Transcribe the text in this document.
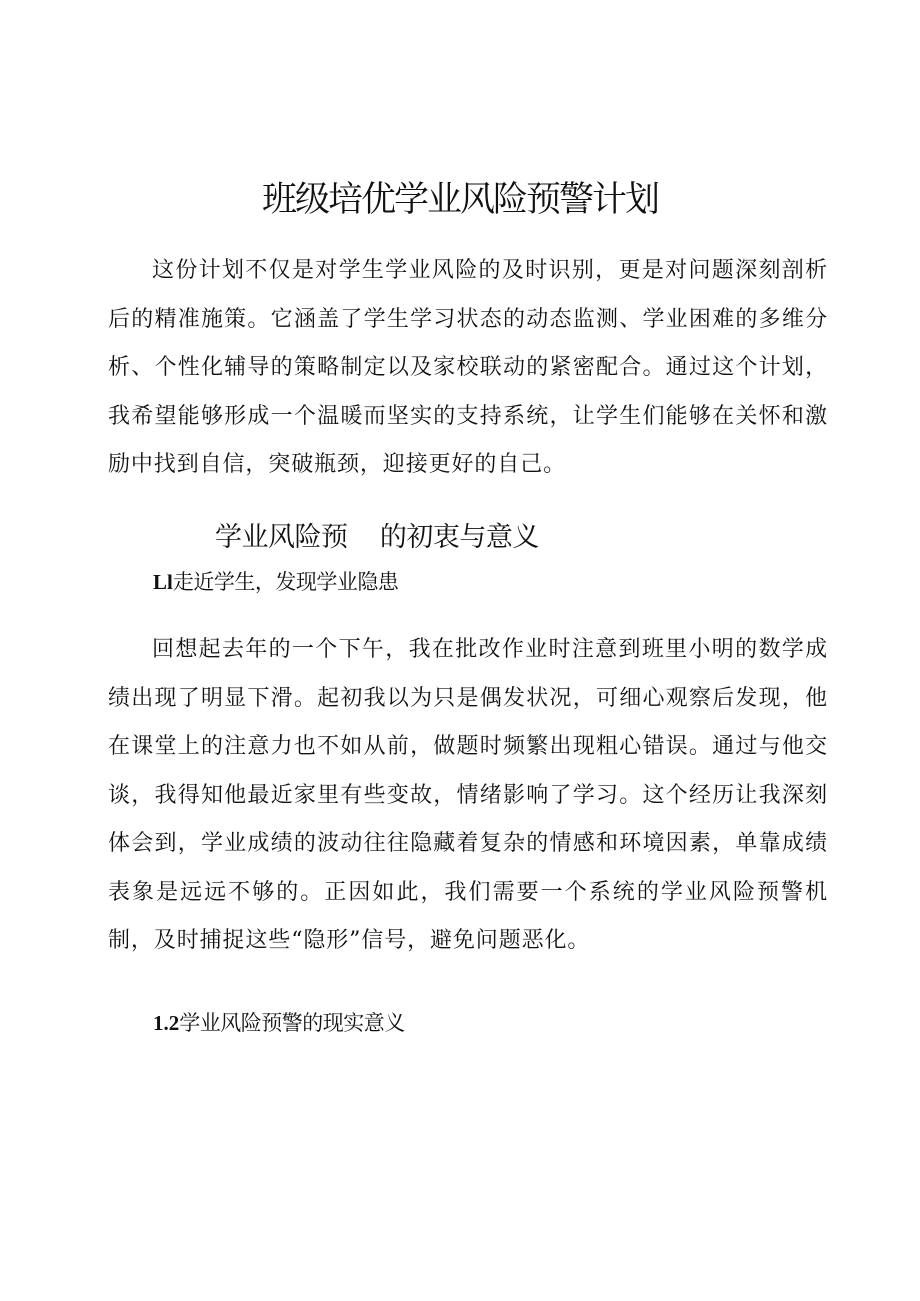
班级培优学业风险预警计划

这份计划不仅是对学生学业风险的及时识别，更是对问题深刻剖析后的精准施策。它涵盖了学生学习状态的动态监测、学业困难的多维分析、个性化辅导的策略制定以及家校联动的紧密配合。通过这个计划，我希望能够形成一个温暖而坚实的支持系统，让学生们能够在关怀和激励中找到自信，突破瓶颈，迎接更好的自己。

学业风险预    的初衷与意义
Ll走近学生，发现学业隐患

回想起去年的一个下午，我在批改作业时注意到班里小明的数学成绩出现了明显下滑。起初我以为只是偶发状况，可细心观察后发现，他在课堂上的注意力也不如从前，做题时频繁出现粗心错误。通过与他交谈，我得知他最近家里有些变故，情绪影响了学习。这个经历让我深刻体会到，学业成绩的波动往往隐藏着复杂的情感和环境因素，单靠成绩表象是远远不够的。正因如此，我们需要一个系统的学业风险预警机制，及时捕捉这些“隐形”信号，避免问题恶化。

1.2学业风险预警的现实意义
